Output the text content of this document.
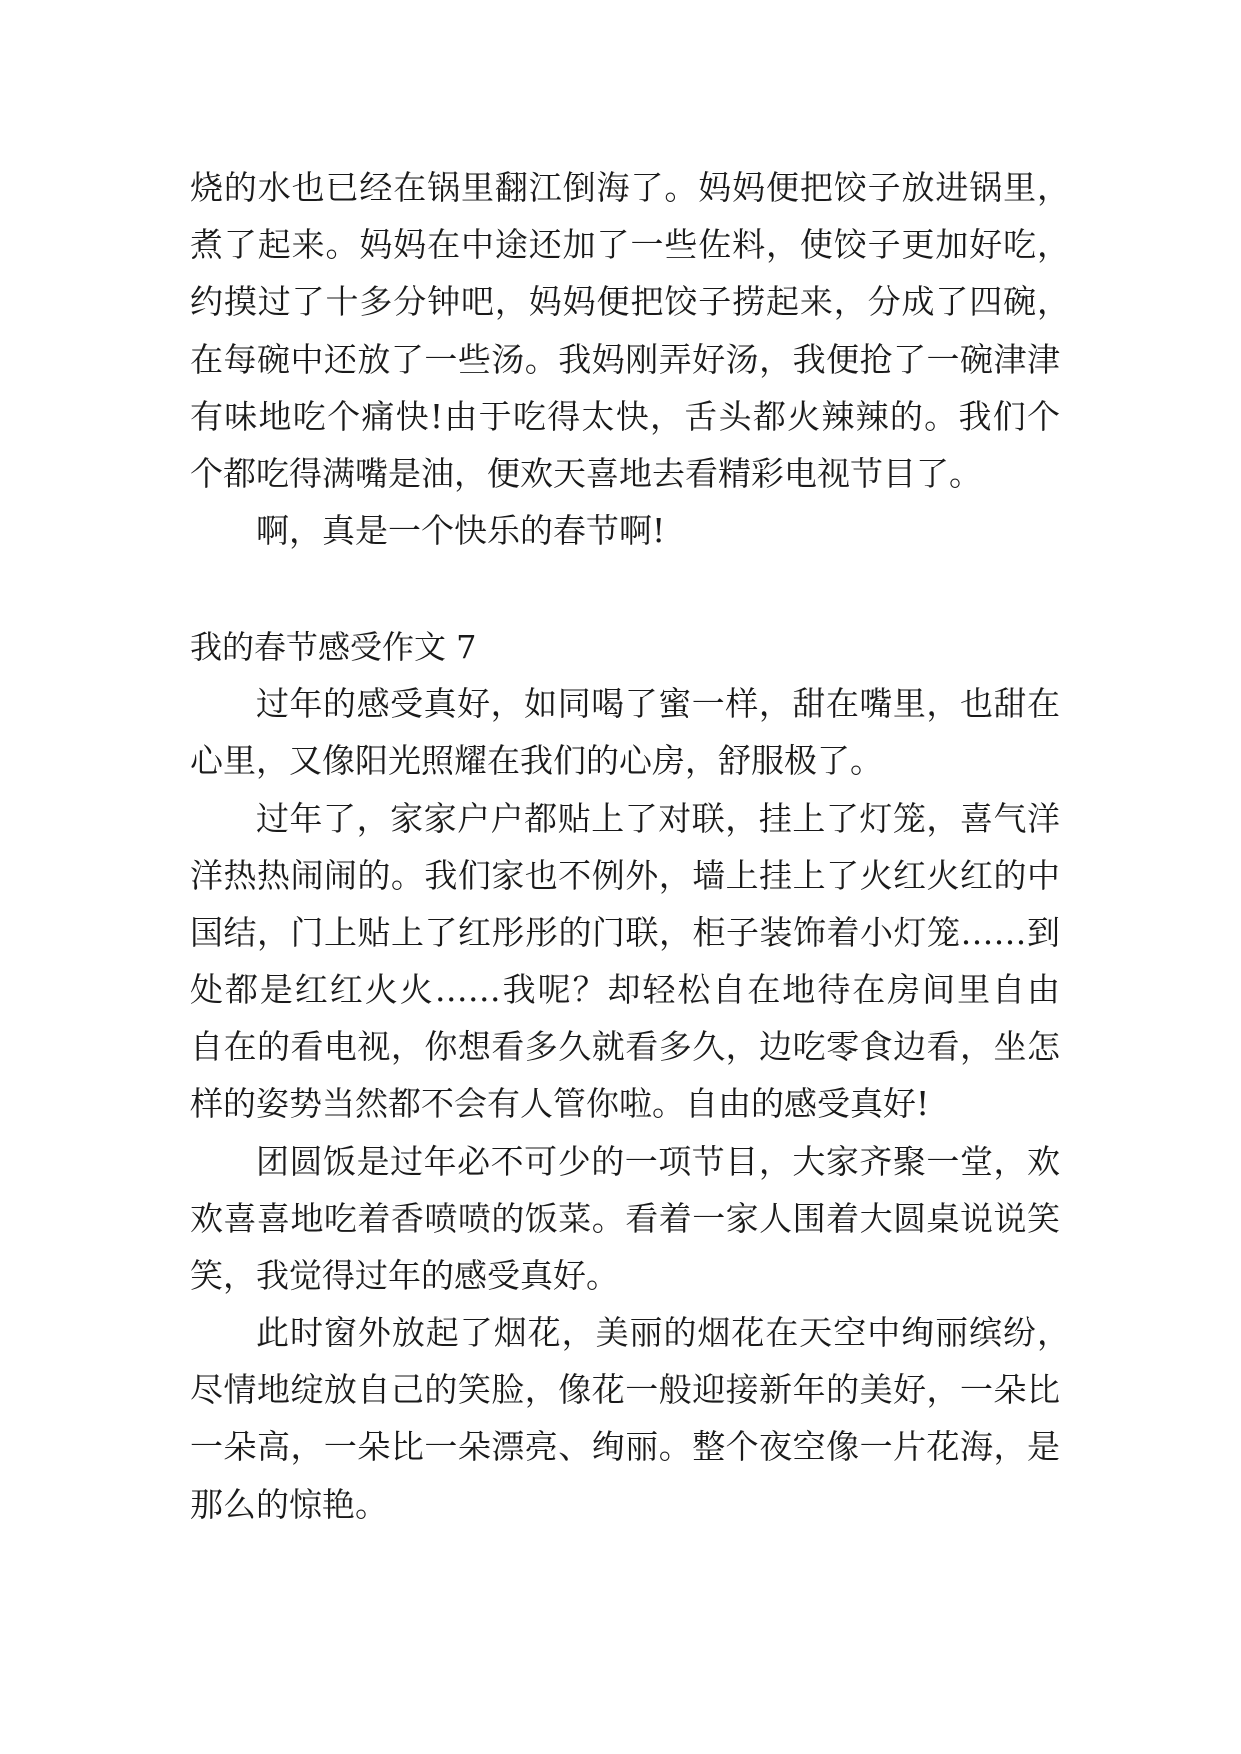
烧的水也已经在锅里翻江倒海了。妈妈便把饺子放进锅里，
煮了起来。妈妈在中途还加了一些佐料，使饺子更加好吃，
约摸过了十多分钟吧，妈妈便把饺子捞起来，分成了四碗，
在每碗中还放了一些汤。我妈刚弄好汤，我便抢了一碗津津
有味地吃个痛快!由于吃得太快，舌头都火辣辣的。我们个
个都吃得满嘴是油，便欢天喜地去看精彩电视节目了。
啊，真是一个快乐的春节啊!
我的春节感受作文 7
过年的感受真好，如同喝了蜜一样，甜在嘴里，也甜在
心里，又像阳光照耀在我们的心房，舒服极了。
过年了，家家户户都贴上了对联，挂上了灯笼，喜气洋
洋热热闹闹的。我们家也不例外，墙上挂上了火红火红的中
国结，门上贴上了红彤彤的门联，柜子装饰着小灯笼……到
处都是红红火火……我呢？却轻松自在地待在房间里自由
自在的看电视，你想看多久就看多久，边吃零食边看，坐怎
样的姿势当然都不会有人管你啦。自由的感受真好!
团圆饭是过年必不可少的一项节目，大家齐聚一堂，欢
欢喜喜地吃着香喷喷的饭菜。看着一家人围着大圆桌说说笑
笑，我觉得过年的感受真好。
此时窗外放起了烟花，美丽的烟花在天空中绚丽缤纷，
尽情地绽放自己的笑脸，像花一般迎接新年的美好，一朵比
一朵高，一朵比一朵漂亮、绚丽。整个夜空像一片花海，是
那么的惊艳。
